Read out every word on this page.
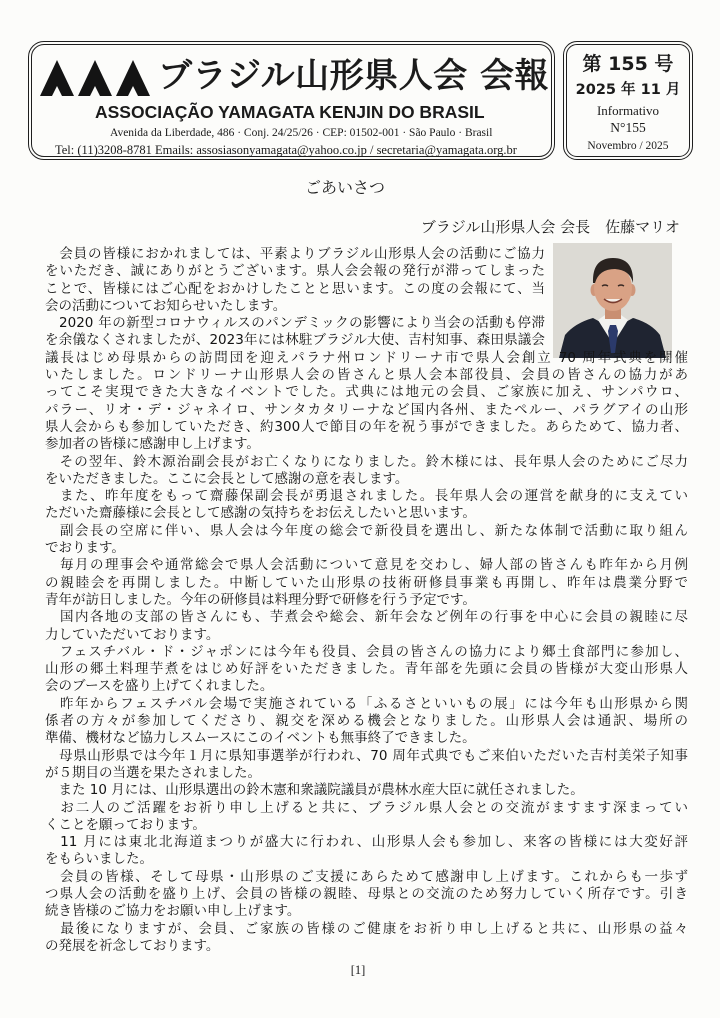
ブラジル山形県人会 会報
ASSOCIAÇÃO YAMAGATA KENJIN DO BRASIL
Avenida da Liberdade, 486 · Conj. 24/25/26 · CEP: 01502-001 · São Paulo · Brasil
Tel: (11)3208-8781 Emails: assosiasonyamagata@yahoo.co.jp / secretaria@yamagata.org.br
第 155 号
2025 年 11 月
Informativo
N°155
Novembro / 2025
ごあいさつ
ブラジル山形県人会 会長　佐藤マリオ
　会員の皆様におかれましては、平素よりブラジル山形県人会の活動にご協力
をいただき、誠にありがとうございます。県人会会報の発行が滞ってしまった
ことで、皆様にはご心配をおかけしたことと思います。この度の会報にて、当
会の活動についてお知らせいたします。
　2020 年の新型コロナウィルスのパンデミックの影響により当会の活動も停滞
を余儀なくされましたが、2023年には林駐ブラジル大使、吉村知事、森田県議会
議長はじめ母県からの訪問団を迎えパラナ州ロンドリーナ市で県人会創立 70 周年式典を開催
いたしました。ロンドリーナ山形県人会の皆さんと県人会本部役員、会員の皆さんの協力があ
ってこそ実現できた大きなイベントでした。式典には地元の会員、ご家族に加え、サンパウロ、
パラー、リオ・デ・ジャネイロ、サンタカタリーナなど国内各州、またペルー、パラグアイの山形
県人会からも参加していただき、約300人で節目の年を祝う事ができました。あらためて、協力者、
参加者の皆様に感謝申し上げます。
　その翌年、鈴木源治副会長がお亡くなりになりました。鈴木様には、長年県人会のためにご尽力
をいただきました。ここに会長として感謝の意を表します。
　また、昨年度をもって齋藤保副会長が勇退されました。長年県人会の運営を献身的に支えてい
ただいた齋藤様に会長として感謝の気持ちをお伝えしたいと思います。
　副会長の空席に伴い、県人会は今年度の総会で新役員を選出し、新たな体制で活動に取り組ん
でおります。
　毎月の理事会や通常総会で県人会活動について意見を交わし、婦人部の皆さんも昨年から月例
の親睦会を再開しました。中断していた山形県の技術研修員事業も再開し、昨年は農業分野で
青年が訪日しました。今年の研修員は料理分野で研修を行う予定です。
　国内各地の支部の皆さんにも、芋煮会や総会、新年会など例年の行事を中心に会員の親睦に尽
力していただいております。
　フェスチバル・ド・ジャポンには今年も役員、会員の皆さんの協力により郷土食部門に参加し、
山形の郷土料理芋煮をはじめ好評をいただきました。青年部を先頭に会員の皆様が大変山形県人
会のブースを盛り上げてくれました。
　昨年からフェスチバル会場で実施されている「ふるさといいもの展」には今年も山形県から関
係者の方々が参加してくださり、親交を深める機会となりました。山形県人会は通訳、場所の
準備、機材など協力しスムースにこのイベントも無事終了できました。
　母県山形県では今年１月に県知事選挙が行われ、70 周年式典でもご来伯いただいた吉村美栄子知事
が５期目の当選を果たされました。
　また 10 月には、山形県選出の鈴木憲和衆議院議員が農林水産大臣に就任されました。
　お二人のご活躍をお祈り申し上げると共に、ブラジル県人会との交流がますます深まってい
くことを願っております。
　11 月には東北北海道まつりが盛大に行われ、山形県人会も参加し、来客の皆様には大変好評
をもらいました。
　会員の皆様、そして母県・山形県のご支援にあらためて感謝申し上げます。これからも一歩ず
つ県人会の活動を盛り上げ、会員の皆様の親睦、母県との交流のため努力していく所存です。引き
続き皆様のご協力をお願い申し上げます。
　最後になりますが、会員、ご家族の皆様のご健康をお祈り申し上げると共に、山形県の益々
の発展を祈念しております。
[1]
